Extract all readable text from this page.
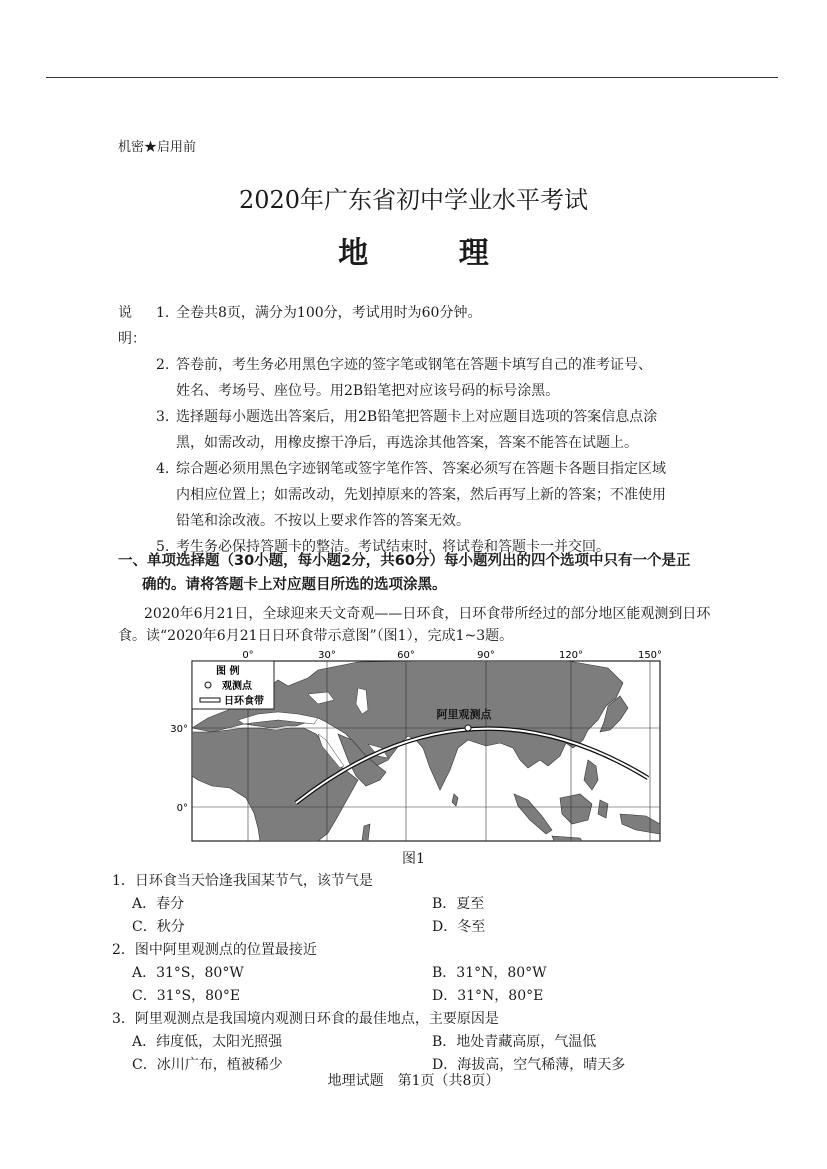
机密★启用前
2020年广东省初中学业水平考试
地 理
说明：
1. 全卷共8页，满分为100分，考试用时为60分钟。
2. 答卷前，考生务必用黑色字迹的签字笔或钢笔在答题卡填写自己的准考证号、
姓名、考场号、座位号。用2B铅笔把对应该号码的标号涂黑。
3. 选择题每小题选出答案后，用2B铅笔把答题卡上对应题目选项的答案信息点涂
黑，如需改动，用橡皮擦干净后，再选涂其他答案，答案不能答在试题上。
4. 综合题必须用黑色字迹钢笔或签字笔作答、答案必须写在答题卡各题目指定区域
内相应位置上；如需改动，先划掉原来的答案，然后再写上新的答案；不准使用
铅笔和涂改液。不按以上要求作答的答案无效。
5. 考生务必保持答题卡的整洁。考试结束时，将试卷和答题卡一并交回。
一、单项选择题（30小题，每小题2分，共60分）每小题列出的四个选项中只有一个是正
确的。请将答题卡上对应题目所选的选项涂黑。
2020年6月21日，全球迎来天文奇观——日环食，日环食带所经过的部分地区能观测到日环食。读“2020年6月21日日环食带示意图”（图1），完成1~3题。
0°	30°	60°	90°	120°	150°
30°
0°
阿里观测点
图 例
观测点
日环食带
图1
1．日环食当天恰逢我国某节气，该节气是
A．春分	B．夏至
C．秋分	D．冬至
2．图中阿里观测点的位置最接近
A．31°S，80°W	B．31°N，80°W
C．31°S，80°E	D．31°N，80°E
3．阿里观测点是我国境内观测日环食的最佳地点，主要原因是
A．纬度低，太阳光照强	B．地处青藏高原，气温低
C．冰川广布，植被稀少	D．海拔高，空气稀薄，晴天多
地理试题　第1页（共8页）
